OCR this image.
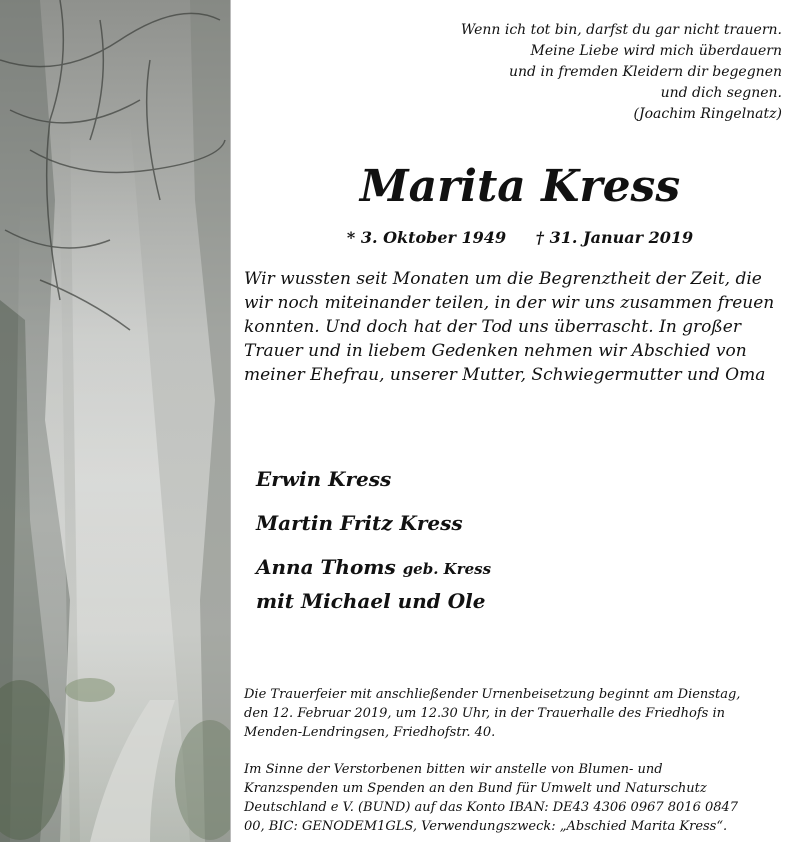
Wenn ich tot bin, darfst du gar nicht trauern.
Meine Liebe wird mich überdauern
und in fremden Kleidern dir begegnen
und dich segnen.
(Joachim Ringelnatz)
Marita Kress
* 3. Oktober 1949 † 31. Januar 2019
Wir wussten seit Monaten um die Begrenztheit der Zeit, die
wir noch miteinander teilen, in der wir uns zusammen freuen
konnten. Und doch hat der Tod uns überrascht. In großer
Trauer und in liebem Gedenken nehmen wir Abschied von
meiner Ehefrau, unserer Mutter, Schwiegermutter und Oma
Erwin Kress
Martin Fritz Kress
Anna Thoms geb. Kress
mit Michael und Ole
Die Trauerfeier mit anschließender Urnenbeisetzung beginnt am Dienstag,
den 12. Februar 2019, um 12.30 Uhr, in der Trauerhalle des Friedhofs in
Menden-Lendringsen, Friedhofstr. 40.
Im Sinne der Verstorbenen bitten wir anstelle von Blumen- und
Kranzspenden um Spenden an den Bund für Umwelt und Naturschutz
Deutschland e V. (BUND) auf das Konto IBAN: DE43 4306 0967 8016 0847
00, BIC: GENODEM1GLS, Verwendungszweck: „Abschied Marita Kress“.
